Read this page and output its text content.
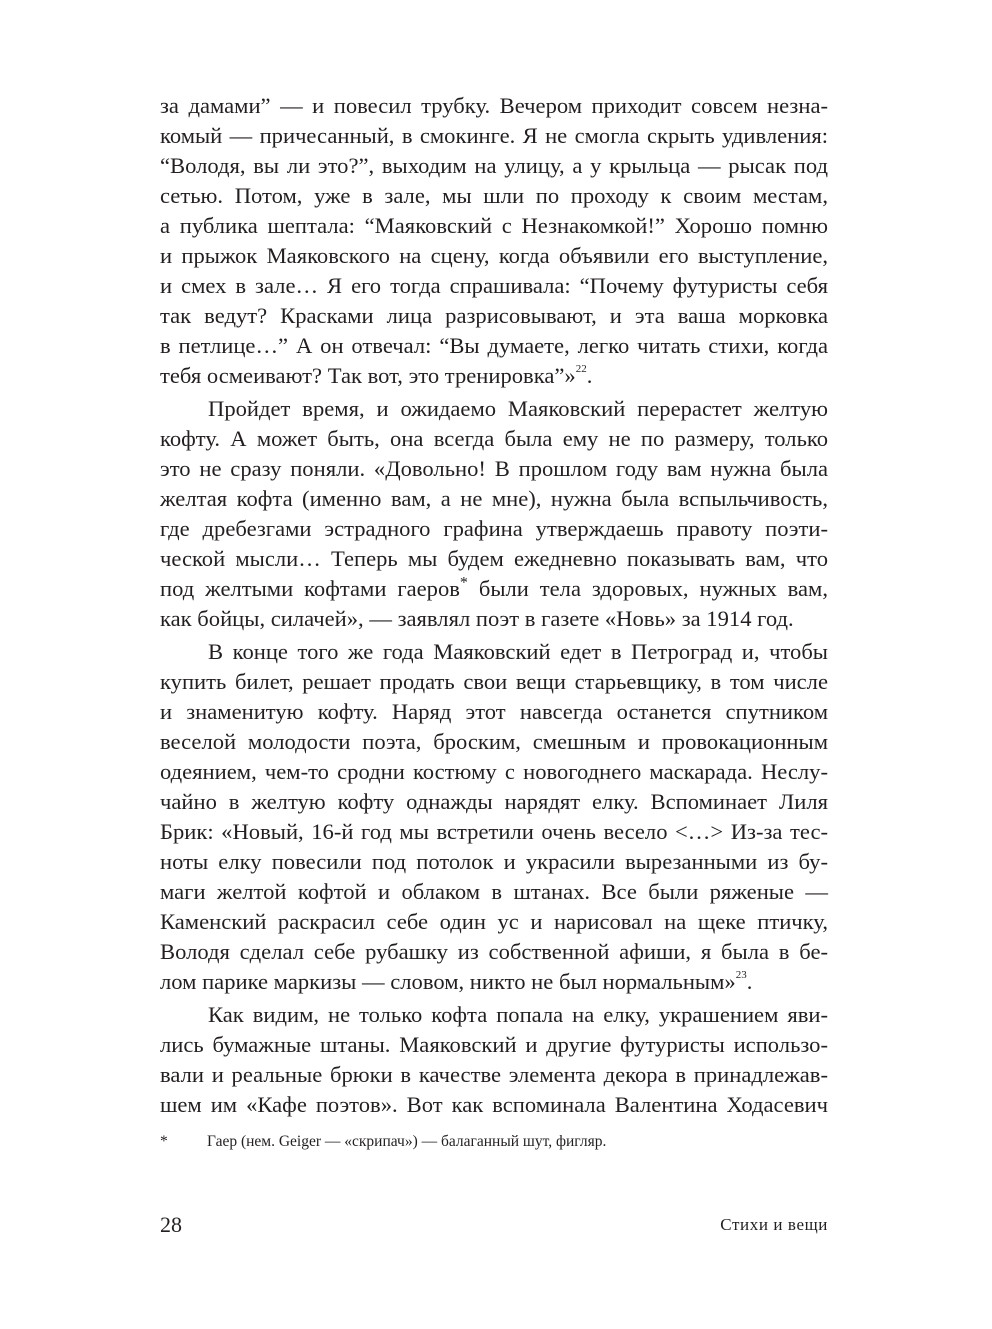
за дамами” — и повесил трубку. Вечером приходит совсем незна-
комый — причесанный, в смокинге. Я не смогла скрыть удивления:
“Володя, вы ли это?”, выходим на улицу, а у крыльца — рысак под
сетью. Потом, уже в зале, мы шли по проходу к своим местам,
а публика шептала: “Маяковский с Незнакомкой!” Хорошо помню
и прыжок Маяковского на сцену, когда объявили его выступление,
и смех в зале… Я его тогда спрашивала: “Почему футуристы себя
так ведут? Красками лица разрисовывают, и эта ваша морковка
в петлице…” А он отвечал: “Вы думаете, легко читать стихи, когда
тебя осмеивают? Так вот, это тренировка”»$^{22}$.
Пройдет время, и ожидаемо Маяковский перерастет желтую
кофту. А может быть, она всегда была ему не по размеру, только
это не сразу поняли. «Довольно! В прошлом году вам нужна была
желтая кофта (именно вам, а не мне), нужна была вспыльчивость,
где дребезгами эстрадного графина утверждаешь правоту поэти-
ческой мысли… Теперь мы будем ежедневно показывать вам, что
под желтыми кофтами гаеров* были тела здоровых, нужных вам,
как бойцы, силачей», — заявлял поэт в газете «Новь» за 1914 год.
В конце того же года Маяковский едет в Петроград и, чтобы
купить билет, решает продать свои вещи старьевщику, в том числе
и знаменитую кофту. Наряд этот навсегда останется спутником
веселой молодости поэта, броским, смешным и провокационным
одеянием, чем-то сродни костюму с новогоднего маскарада. Неслу-
чайно в желтую кофту однажды нарядят елку. Вспоминает Лиля
Брик: «Новый, 16-й год мы встретили очень весело <…> Из-за тес-
ноты елку повесили под потолок и украсили вырезанными из бу-
маги желтой кофтой и облаком в штанах. Все были ряженые —
Каменский раскрасил себе один ус и нарисовал на щеке птичку,
Володя сделал себе рубашку из собственной афиши, я была в бе-
лом парике маркизы — словом, никто не был нормальным»$^{23}$.
Как видим, не только кофта попала на елку, украшением яви-
лись бумажные штаны. Маяковский и другие футуристы использо-
вали и реальные брюки в качестве элемента декора в принадлежав-
шем им «Кафе поэтов». Вот как вспоминала Валентина Ходасевич
*	Гаер (нем. Geiger — «скрипач») — балаганный шут, фигляр.
28	Стихи и вещи
